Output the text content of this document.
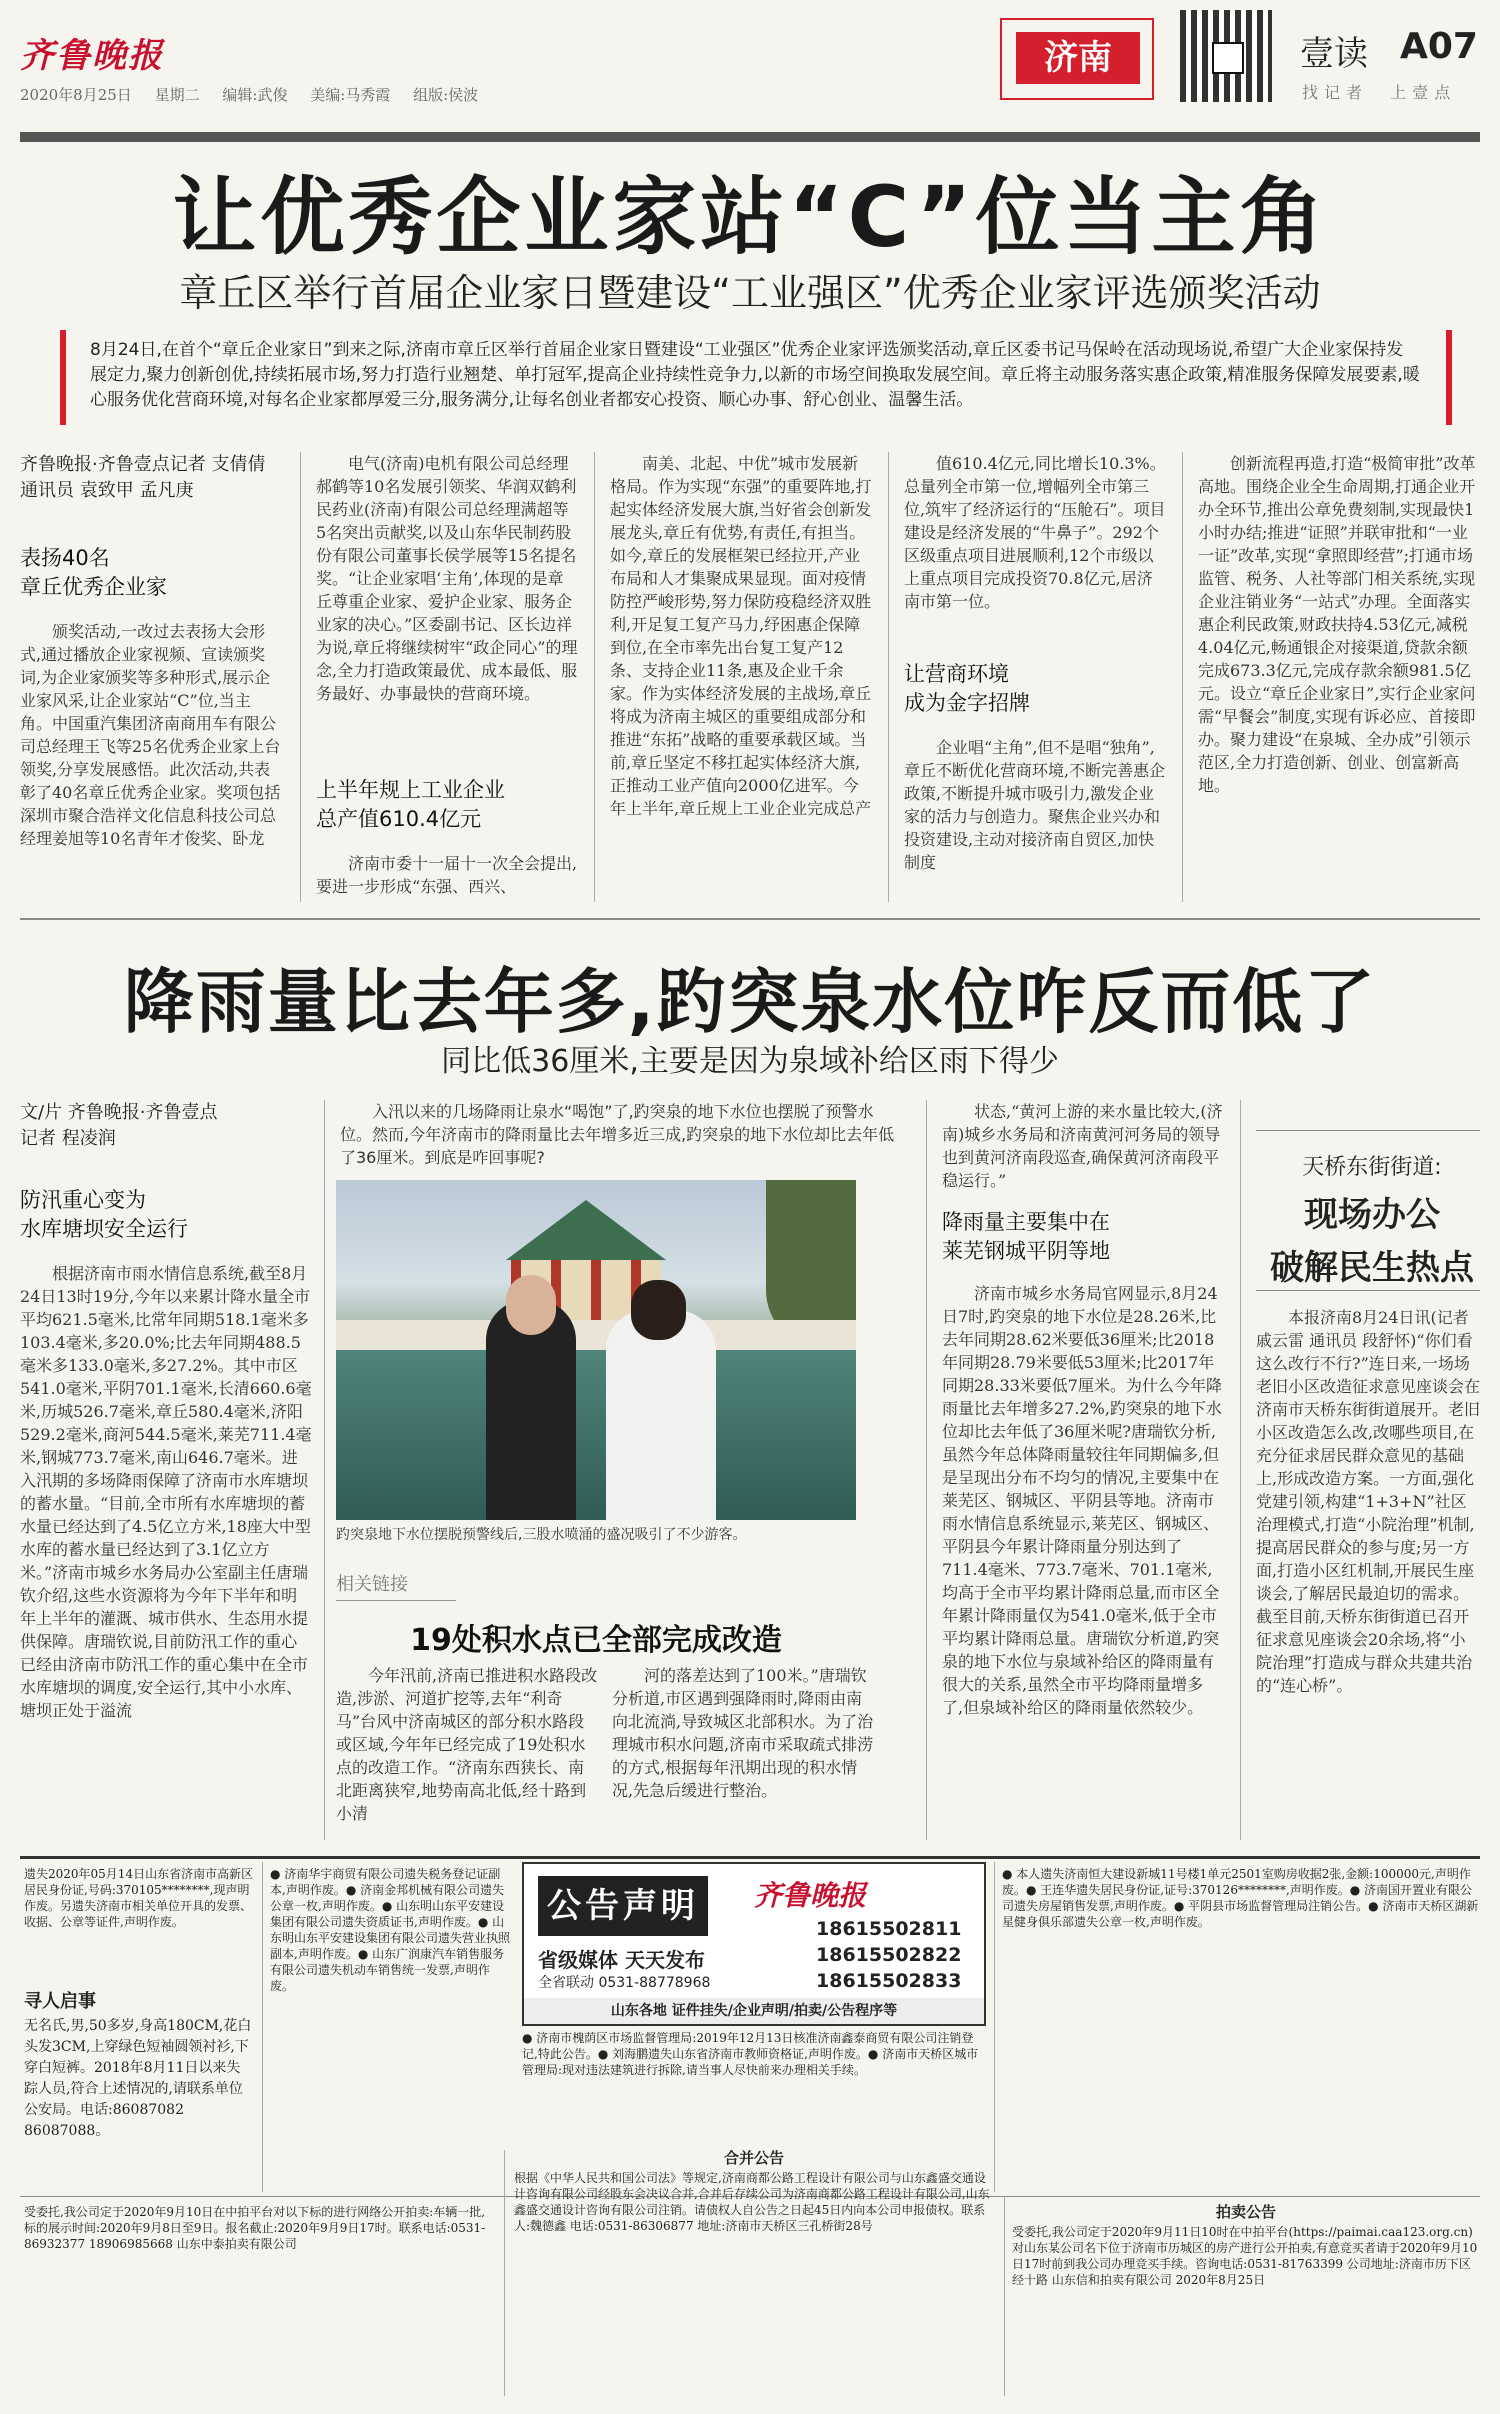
齐鲁晚报
2020年8月25日 星期二 编辑:武俊 美编:马秀霞 组版:侯波
济南	壹读 A07
找记者 上壹点
让优秀企业家站“C”位当主角
章丘区举行首届企业家日暨建设“工业强区”优秀企业家评选颁奖活动
8月24日,在首个“章丘企业家日”到来之际,济南市章丘区举行首届企业家日暨建设“工业强区”优秀企业家评选颁奖活动,章丘区委书记马保岭在活动现场说,希望广大企业家保持发展定力,聚力创新创优,持续拓展市场,努力打造行业翘楚、单打冠军,提高企业持续性竞争力,以新的市场空间换取发展空间。章丘将主动服务落实惠企政策,精准服务保障发展要素,暖心服务优化营商环境,对每名企业家都厚爱三分,服务满分,让每名创业者都安心投资、顺心办事、舒心创业、温馨生活。
齐鲁晚报·齐鲁壹点记者 支倩倩
通讯员 袁致甲 孟凡庚
表扬40名
章丘优秀企业家

颁奖活动,一改过去表扬大会形式,通过播放企业家视频、宣读颁奖词,为企业家颁奖等多种形式,展示企业家风采,让企业家站“C”位,当主角。中国重汽集团济南商用车有限公司总经理王飞等25名优秀企业家上台领奖,分享发展感悟。此次活动,共表彰了40名章丘优秀企业家。奖项包括深圳市聚合浩祥文化信息科技公司总经理姜旭等10名青年才俊奖、卧龙

电气(济南)电机有限公司总经理郝鹤等10名发展引领奖、华润双鹤利民药业(济南)有限公司总经理满超等5名突出贡献奖,以及山东华民制药股份有限公司董事长侯学展等15名提名奖。“让企业家唱‘主角’,体现的是章丘尊重企业家、爱护企业家、服务企业家的决心。”区委副书记、区长边祥为说,章丘将继续树牢“政企同心”的理念,全力打造政策最优、成本最低、服务最好、办事最快的营商环境。

上半年规上工业企业
总产值610.4亿元

济南市委十一届十一次全会提出,要进一步形成“东强、西兴、

南美、北起、中优”城市发展新格局。作为实现“东强”的重要阵地,打起实体经济发展大旗,当好省会创新发展龙头,章丘有优势,有责任,有担当。如今,章丘的发展框架已经拉开,产业布局和人才集聚成果显现。面对疫情防控严峻形势,努力保防疫稳经济双胜利,开足复工复产马力,纾困惠企保障到位,在全市率先出台复工复产12条、支持企业11条,惠及企业千余家。作为实体经济发展的主战场,章丘将成为济南主城区的重要组成部分和推进“东拓”战略的重要承载区域。当前,章丘坚定不移扛起实体经济大旗,正推动工业产值向2000亿进军。今年上半年,章丘规上工业企业完成总产

值610.4亿元,同比增长10.3%。总量列全市第一位,增幅列全市第三位,筑牢了经济运行的“压舱石”。项目建设是经济发展的“牛鼻子”。292个区级重点项目进展顺利,12个市级以上重点项目完成投资70.8亿元,居济南市第一位。

让营商环境
成为金字招牌

企业唱“主角”,但不是唱“独角”,章丘不断优化营商环境,不断完善惠企政策,不断提升城市吸引力,激发企业家的活力与创造力。聚焦企业兴办和投资建设,主动对接济南自贸区,加快制度

创新流程再造,打造“极简审批”改革高地。围绕企业全生命周期,打通企业开办全环节,推出公章免费刻制,实现最快1小时办结;推进“证照”并联审批和“一业一证”改革,实现“拿照即经营”;打通市场监管、税务、人社等部门相关系统,实现企业注销业务“一站式”办理。全面落实惠企利民政策,财政扶持4.53亿元,减税4.04亿元,畅通银企对接渠道,贷款余额完成673.3亿元,完成存款余额981.5亿元。设立“章丘企业家日”,实行企业家问需“早餐会”制度,实现有诉必应、首接即办。聚力建设“在泉城、全办成”引领示范区,全力打造创新、创业、创富新高地。

降雨量比去年多,趵突泉水位咋反而低了
同比低36厘米,主要是因为泉域补给区雨下得少
文/片 齐鲁晚报·齐鲁壹点
记者 程凌润
防汛重心变为
水库塘坝安全运行

根据济南市雨水情信息系统,截至8月24日13时19分,今年以来累计降水量全市平均621.5毫米,比常年同期518.1毫米多103.4毫米,多20.0%;比去年同期488.5毫米多133.0毫米,多27.2%。其中市区541.0毫米,平阴701.1毫米,长清660.6毫米,历城526.7毫米,章丘580.4毫米,济阳529.2毫米,商河544.5毫米,莱芜711.4毫米,钢城773.7毫米,南山646.7毫米。进入汛期的多场降雨保障了济南市水库塘坝的蓄水量。“目前,全市所有水库塘坝的蓄水量已经达到了4.5亿立方米,18座大中型水库的蓄水量已经达到了3.1亿立方米。”济南市城乡水务局办公室副主任唐瑞钦介绍,这些水资源将为今年下半年和明年上半年的灌溉、城市供水、生态用水提供保障。唐瑞钦说,目前防汛工作的重心已经由济南市防汛工作的重心集中在全市水库塘坝的调度,安全运行,其中小水库、塘坝正处于溢流

入汛以来的几场降雨让泉水“喝饱”了,趵突泉的地下水位也摆脱了预警水位。然而,今年济南市的降雨量比去年增多近三成,趵突泉的地下水位却比去年低了36厘米。到底是咋回事呢?

趵突泉地下水位摆脱预警线后,三股水喷涌的盛况吸引了不少游客。
相关链接
19处积水点已全部完成改造

今年汛前,济南已推进积水路段改造,涉淤、河道扩挖等,去年“利奇马”台风中济南城区的部分积水路段或区域,今年年已经完成了19处积水点的改造工作。“济南东西狭长、南北距离狭窄,地势南高北低,经十路到小清

河的落差达到了100米。”唐瑞钦分析道,市区遇到强降雨时,降雨由南向北流淌,导致城区北部积水。为了治理城市积水问题,济南市采取疏式排涝的方式,根据每年汛期出现的积水情况,先急后缓进行整治。

状态,“黄河上游的来水量比较大,(济南)城乡水务局和济南黄河河务局的领导也到黄河济南段巡查,确保黄河济南段平稳运行。”

降雨量主要集中在
莱芜钢城平阴等地

济南市城乡水务局官网显示,8月24日7时,趵突泉的地下水位是28.26米,比去年同期28.62米要低36厘米;比2018年同期28.79米要低53厘米;比2017年同期28.33米要低7厘米。为什么今年降雨量比去年增多27.2%,趵突泉的地下水位却比去年低了36厘米呢?唐瑞钦分析,虽然今年总体降雨量较往年同期偏多,但是呈现出分布不均匀的情况,主要集中在莱芜区、钢城区、平阴县等地。济南市雨水情信息系统显示,莱芜区、钢城区、平阴县今年累计降雨量分别达到了711.4毫米、773.7毫米、701.1毫米,均高于全市平均累计降雨总量,而市区全年累计降雨量仅为541.0毫米,低于全市平均累计降雨总量。唐瑞钦分析道,趵突泉的地下水位与泉域补给区的降雨量有很大的关系,虽然全市平均降雨量增多了,但泉域补给区的降雨量依然较少。

天桥东街街道:
现场办公
破解民生热点

本报济南8月24日讯(记者 戚云雷 通讯员 段舒怀)“你们看这么改行不行?”连日来,一场场老旧小区改造征求意见座谈会在济南市天桥东街街道展开。老旧小区改造怎么改,改哪些项目,在充分征求居民群众意见的基础上,形成改造方案。一方面,强化党建引领,构建“1+3+N”社区治理模式,打造“小院治理”机制,提高居民群众的参与度;另一方面,打造小区红机制,开展民生座谈会,了解居民最迫切的需求。截至目前,天桥东街街道已召开征求意见座谈会20余场,将“小院治理”打造成与群众共建共治的“连心桥”。

遗失2020年05月14日山东省济南市高新区居民身份证,号码:370105********,现声明作废。另遗失济南市相关单位开具的发票、收据、公章等证件,声明作废。
寻人启事
无名氏,男,50多岁,身高180CM,花白头发3CM,上穿绿色短袖圆领衬衫,下穿白短裤。2018年8月11日以来失踪人员,符合上述情况的,请联系单位公安局。电话:86087082 86087088。
● 济南华宇商贸有限公司遗失税务登记证副本,声明作废。● 济南金邦机械有限公司遗失公章一枚,声明作废。● 山东明山东平安建设集团有限公司遗失资质证书,声明作废。● 山东明山东平安建设集团有限公司遗失营业执照副本,声明作废。● 山东广润康汽车销售服务有限公司遗失机动车销售统一发票,声明作废。
公告声明	齐鲁晚报
18615502811
18615502822
18615502833
省级媒体 天天发布
全省联动 0531-88778968
山东各地 证件挂失/企业声明/拍卖/公告程序等
● 济南市槐荫区市场监督管理局:2019年12月13日核准济南鑫泰商贸有限公司注销登记,特此公告。● 刘海鹏遗失山东省济南市教师资格证,声明作废。● 济南市天桥区城市管理局:现对违法建筑进行拆除,请当事人尽快前来办理相关手续。
● 本人遗失济南恒大建设新城11号楼1单元2501室购房收据2张,金额:100000元,声明作废。● 王连华遗失居民身份证,证号:370126********,声明作废。● 济南国开置业有限公司遗失房屋销售发票,声明作废。● 平阴县市场监督管理局注销公告。● 济南市天桥区湖新星健身俱乐部遗失公章一枚,声明作废。
受委托,我公司定于2020年9月10日在中拍平台对以下标的进行网络公开拍卖:车辆一批,标的展示时间:2020年9月8日至9日。报名截止:2020年9月9日17时。联系电话:0531-86932377 18906985668 山东中泰拍卖有限公司
合并公告
根据《中华人民共和国公司法》等规定,济南商都公路工程设计有限公司与山东鑫盛交通设计咨询有限公司经股东会决议合并,合并后存续公司为济南商都公路工程设计有限公司,山东鑫盛交通设计咨询有限公司注销。请债权人自公告之日起45日内向本公司申报债权。联系人:魏德鑫 电话:0531-86306877 地址:济南市天桥区三孔桥街28号
拍卖公告
受委托,我公司定于2020年9月11日10时在中拍平台(https://paimai.caa123.org.cn)对山东某公司名下位于济南市历城区的房产进行公开拍卖,有意竞买者请于2020年9月10日17时前到我公司办理竞买手续。咨询电话:0531-81763399 公司地址:济南市历下区经十路 山东信和拍卖有限公司 2020年8月25日
